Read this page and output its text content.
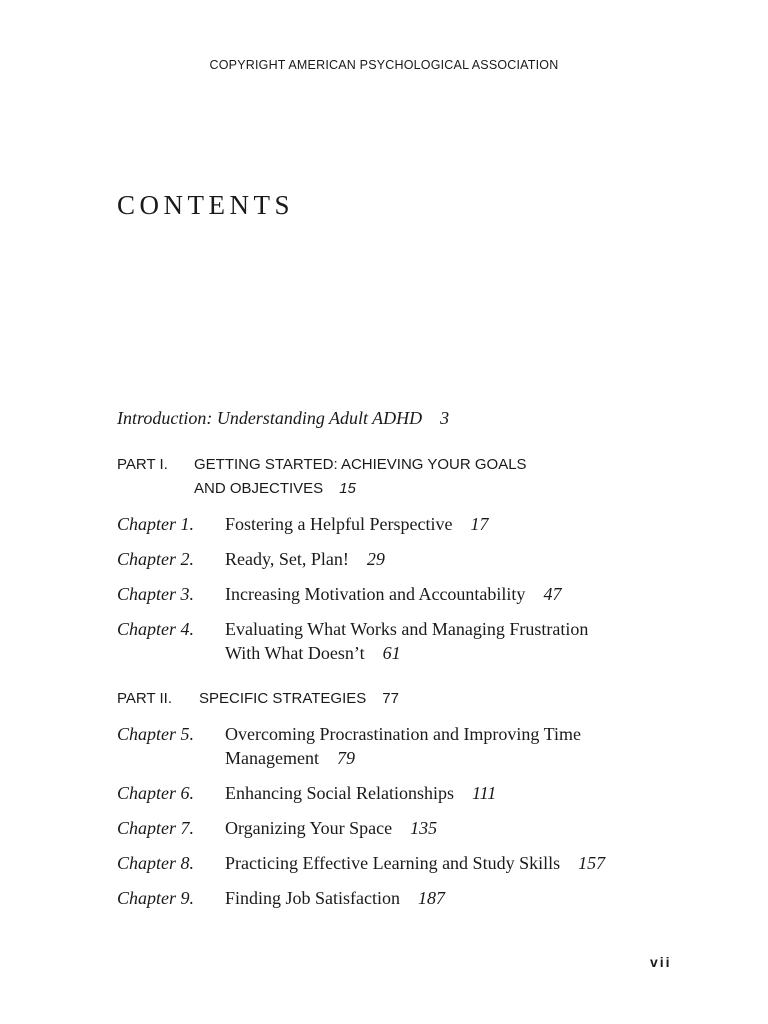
COPYRIGHT AMERICAN PSYCHOLOGICAL ASSOCIATION
CONTENTS
Introduction: Understanding Adult ADHD 3
PART I. GETTING STARTED: ACHIEVING YOUR GOALS
AND OBJECTIVES 15
Chapter 1. Fostering a Helpful Perspective 17
Chapter 2. Ready, Set, Plan! 29
Chapter 3. Increasing Motivation and Accountability 47
Chapter 4. Evaluating What Works and Managing Frustration
With What Doesn’t 61
PART II. SPECIFIC STRATEGIES 77
Chapter 5. Overcoming Procrastination and Improving Time
Management 79
Chapter 6. Enhancing Social Relationships 111
Chapter 7. Organizing Your Space 135
Chapter 8. Practicing Effective Learning and Study Skills 157
Chapter 9. Finding Job Satisfaction 187
vii
